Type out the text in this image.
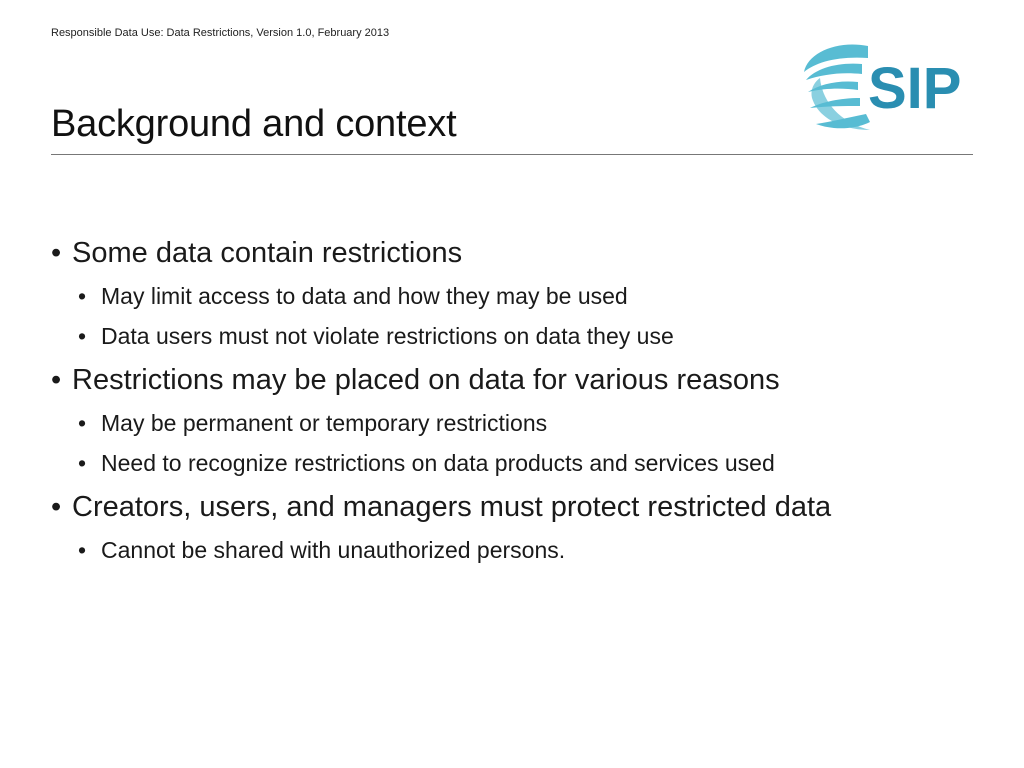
Responsible Data Use: Data Restrictions, Version 1.0, February 2013
SIP
Background and context

• Some data contain restrictions

• May limit access to data and how they may be used
• Data users must not violate restrictions on data they use

• Restrictions may be placed on data for various reasons

• May be permanent or temporary restrictions
• Need to recognize restrictions on data products and services used

• Creators, users, and managers must protect restricted data

• Cannot be shared with unauthorized persons.
